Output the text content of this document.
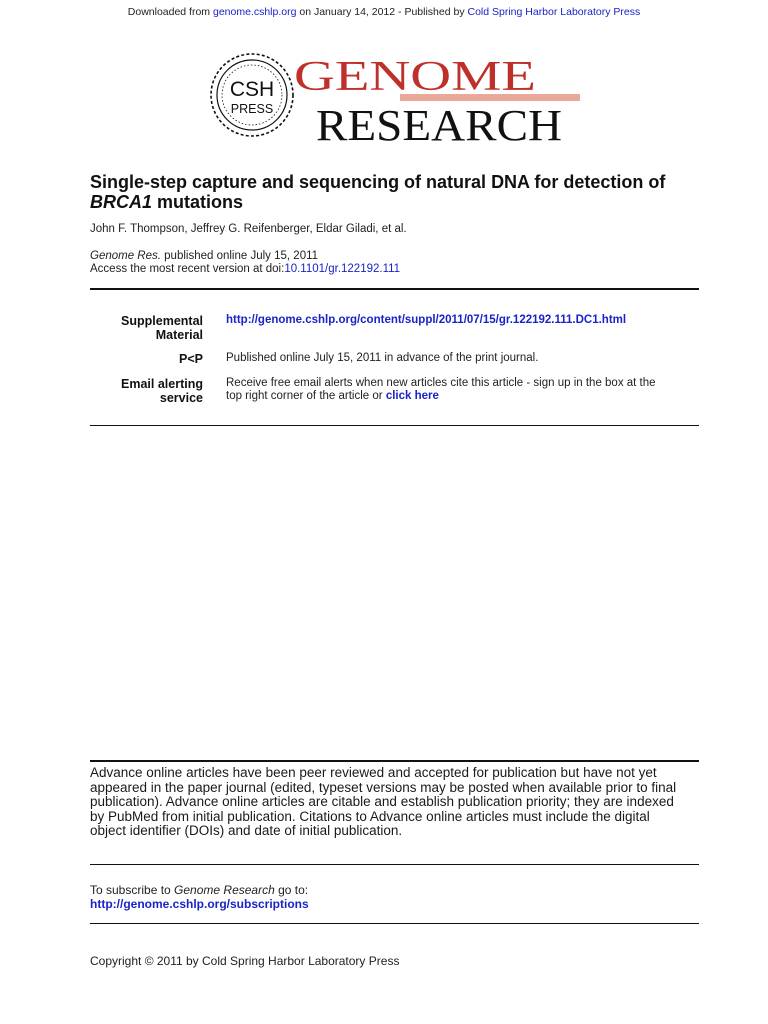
Downloaded from genome.cshlp.org on January 14, 2012 - Published by Cold Spring Harbor Laboratory Press
CSH
PRESS
GENOME
RESEARCH
Single-step capture and sequencing of natural DNA for detection of
BRCA1 mutations
John F. Thompson, Jeffrey G. Reifenberger, Eldar Giladi, et al.
Genome Res. published online July 15, 2011
Access the most recent version at doi:10.1101/gr.122192.111
Supplemental
Material
http://genome.cshlp.org/content/suppl/2011/07/15/gr.122192.111.DC1.html
P<P Published online July 15, 2011 in advance of the print journal.
Email alerting
service
Receive free email alerts when new articles cite this article - sign up in the box at the
top right corner of the article or click here
Advance online articles have been peer reviewed and accepted for publication but have not yet
appeared in the paper journal (edited, typeset versions may be posted when available prior to final
publication). Advance online articles are citable and establish publication priority; they are indexed
by PubMed from initial publication. Citations to Advance online articles must include the digital
object identifier (DOIs) and date of initial publication.
To subscribe to Genome Research go to:
http://genome.cshlp.org/subscriptions
Copyright © 2011 by Cold Spring Harbor Laboratory Press
